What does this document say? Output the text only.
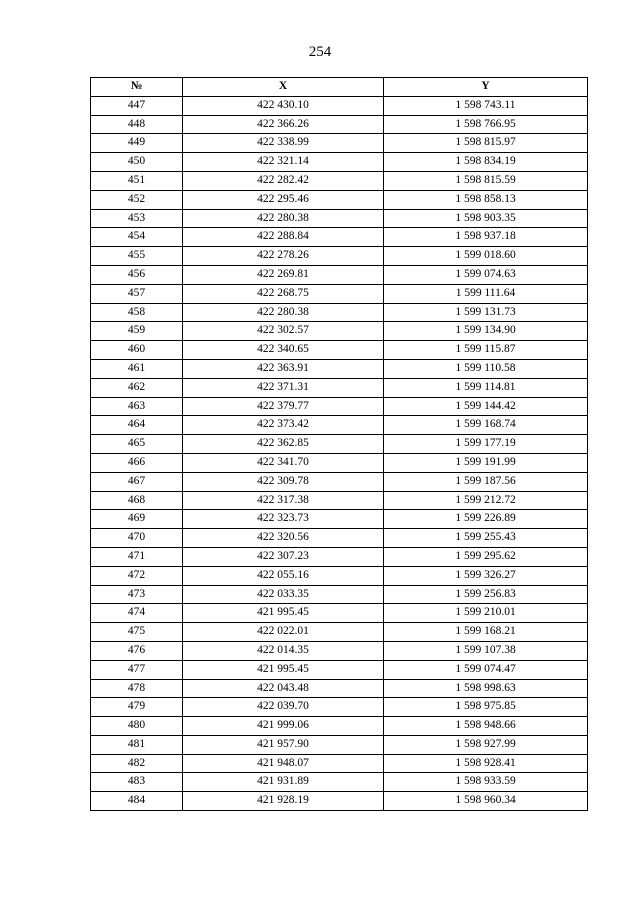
254
№	X	Y
447	422 430.10	1 598 743.11
448	422 366.26	1 598 766.95
449	422 338.99	1 598 815.97
450	422 321.14	1 598 834.19
451	422 282.42	1 598 815.59
452	422 295.46	1 598 858.13
453	422 280.38	1 598 903.35
454	422 288.84	1 598 937.18
455	422 278.26	1 599 018.60
456	422 269.81	1 599 074.63
457	422 268.75	1 599 111.64
458	422 280.38	1 599 131.73
459	422 302.57	1 599 134.90
460	422 340.65	1 599 115.87
461	422 363.91	1 599 110.58
462	422 371.31	1 599 114.81
463	422 379.77	1 599 144.42
464	422 373.42	1 599 168.74
465	422 362.85	1 599 177.19
466	422 341.70	1 599 191.99
467	422 309.78	1 599 187.56
468	422 317.38	1 599 212.72
469	422 323.73	1 599 226.89
470	422 320.56	1 599 255.43
471	422 307.23	1 599 295.62
472	422 055.16	1 599 326.27
473	422 033.35	1 599 256.83
474	421 995.45	1 599 210.01
475	422 022.01	1 599 168.21
476	422 014.35	1 599 107.38
477	421 995.45	1 599 074.47
478	422 043.48	1 598 998.63
479	422 039.70	1 598 975.85
480	421 999.06	1 598 948.66
481	421 957.90	1 598 927.99
482	421 948.07	1 598 928.41
483	421 931.89	1 598 933.59
484	421 928.19	1 598 960.34
